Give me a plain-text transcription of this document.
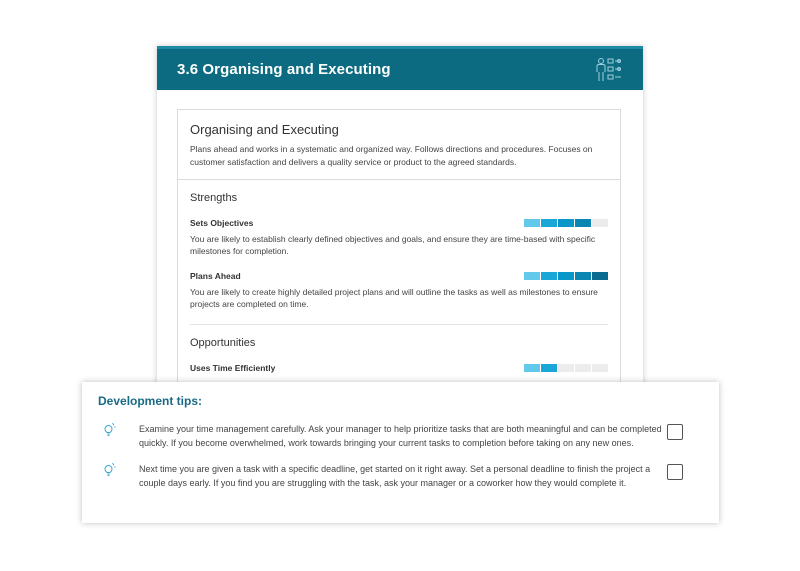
3.6 Organising and Executing
Organising and Executing
Plans ahead and works in a systematic and organized way. Follows directions and procedures. Focuses on customer satisfaction and delivers a quality service or product to the agreed standards.
Strengths
Sets Objectives
You are likely to establish clearly defined objectives and goals, and ensure they are time-based with specific milestones for completion.
Plans Ahead
You are likely to create highly detailed project plans and will outline the tasks as well as milestones to ensure projects are completed on time.
Opportunities
Uses Time Efficiently
Development tips:
Examine your time management carefully. Ask your manager to help prioritize tasks that are both meaningful and can be completed quickly. If you become overwhelmed, work towards bringing your current tasks to completion before taking on any new ones.
Next time you are given a task with a specific deadline, get started on it right away. Set a personal deadline to finish the project a couple days early. If you find you are struggling with the task, ask your manager or a coworker how they would complete it.
